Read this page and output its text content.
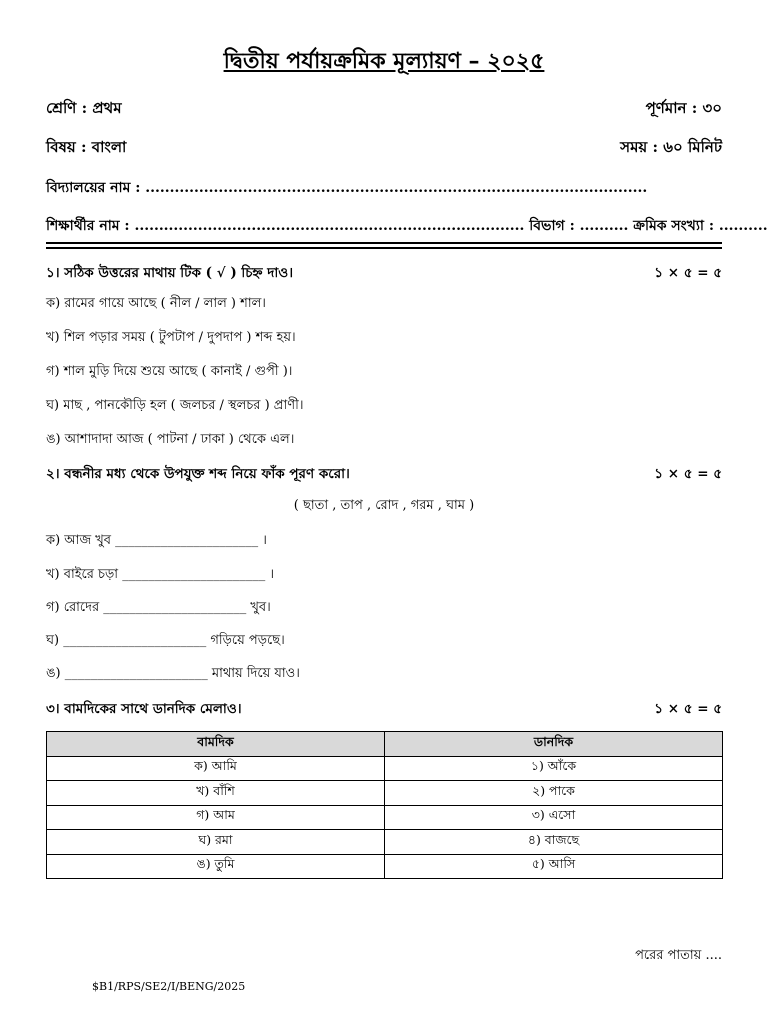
দ্বিতীয় পর্যায়ক্রমিক মূল্যায়ণ – ২০২৫
শ্রেণি : প্রথম	পূর্ণমান : ৩০
বিষয় : বাংলা	সময় : ৬০ মিনিট
বিদ্যালয়ের নাম : .......................................................................................................
শিক্ষার্থীর নাম : ................................................................................ বিভাগ : .......... ক্রমিক সংখ্যা : ..........
১। সঠিক উত্তরের মাথায় টিক ( √ ) চিহ্ন দাও।	১ × ৫ = ৫
ক) রামের গায়ে আছে ( নীল / লাল ) শাল।
খ) শিল পড়ার সময় ( টুপটাপ / দুপদাপ ) শব্দ হয়।
গ) শাল মুড়ি দিয়ে শুয়ে আছে ( কানাই / গুপী )।
ঘ) মাছ , পানকৌড়ি হল ( জলচর / স্থলচর ) প্রাণী।
ঙ) আশাদাদা আজ ( পাটনা / ঢাকা ) থেকে এল।
২। বন্ধনীর মধ্য থেকে উপযুক্ত শব্দ নিয়ে ফাঁক পূরণ করো।	১ × ৫ = ৫
( ছাতা , তাপ , রোদ , গরম , ঘাম )
ক) আজ খুব ______________________ ।
খ) বাইরে চড়া ______________________ ।
গ) রোদের ______________________ খুব।
ঘ) ______________________ গড়িয়ে পড়ছে।
ঙ) ______________________ মাথায় দিয়ে যাও।
৩। বামদিকের সাথে ডানদিক মেলাও।	১ × ৫ = ৫
বামদিক	ডানদিক
ক) আমি	১) আঁকে
খ) বাঁশি	২) পাকে
গ) আম	৩) এসো
ঘ) রমা	৪) বাজছে
ঙ) তুমি	৫) আসি
পরের পাতায় ....
$B1/RPS/SE2/I/BENG/2025
